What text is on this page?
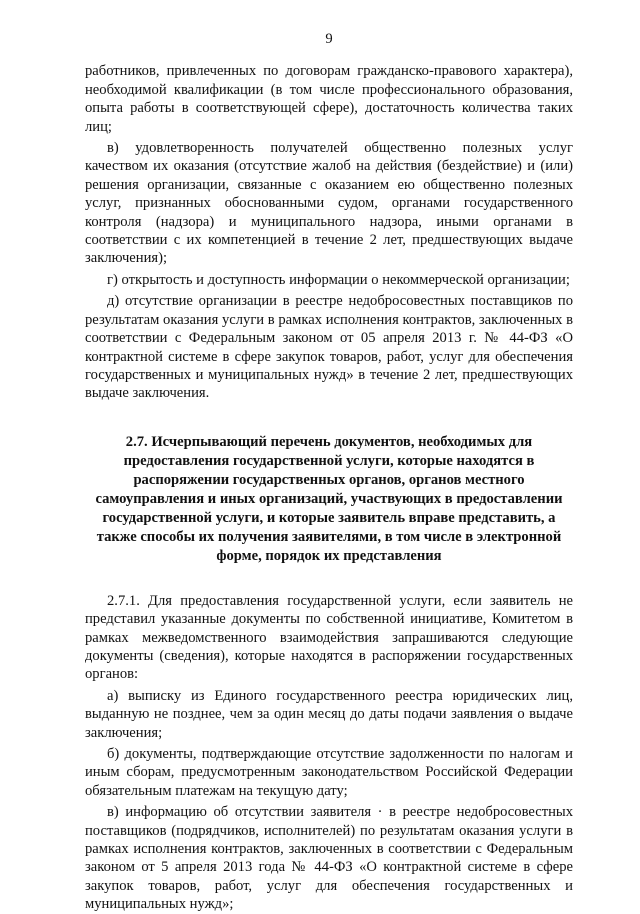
9

работников, привлеченных по договорам гражданско-правового характера), необходимой квалификации (в том числе профессионального образования, опыта работы в соответствующей сфере), достаточность количества таких лиц;

в) удовлетворенность получателей общественно полезных услуг качеством их оказания (отсутствие жалоб на действия (бездействие) и (или) решения организации, связанные с оказанием ею общественно полезных услуг, признанных обоснованными судом, органами государственного контроля (надзора) и муниципального надзора, иными органами в соответствии с их компетенцией в течение 2 лет, предшествующих выдаче заключения);

г) открытость и доступность информации о некоммерческой организации;

д) отсутствие организации в реестре недобросовестных поставщиков по результатам оказания услуги в рамках исполнения контрактов, заключенных в соответствии с Федеральным законом от 05 апреля 2013 г. № 44-ФЗ «О контрактной системе в сфере закупок товаров, работ, услуг для обеспечения государственных и муниципальных нужд» в течение 2 лет, предшествующих выдаче заключения.

2.7. Исчерпывающий перечень документов, необходимых для предоставления государственной услуги, которые находятся в распоряжении государственных органов, органов местного самоуправления и иных организаций, участвующих в предоставлении государственной услуги, и которые заявитель вправе представить, а также способы их получения заявителями, в том числе в электронной форме, порядок их представления

2.7.1. Для предоставления государственной услуги, если заявитель не представил указанные документы по собственной инициативе, Комитетом в рамках межведомственного взаимодействия запрашиваются следующие документы (сведения), которые находятся в распоряжении государственных органов:

а) выписку из Единого государственного реестра юридических лиц, выданную не позднее, чем за один месяц до даты подачи заявления о выдаче заключения;

б) документы, подтверждающие отсутствие задолженности по налогам и иным сборам, предусмотренным законодательством Российской Федерации обязательным платежам на текущую дату;

в) информацию об отсутствии заявителя · в реестре недобросовестных поставщиков (подрядчиков, исполнителей) по результатам оказания услуги в рамках исполнения контрактов, заключенных в соответствии с Федеральным законом от 5 апреля 2013 года № 44-ФЗ «О контрактной системе в сфере закупок товаров, работ, услуг для обеспечения государственных и муниципальных нужд»;
